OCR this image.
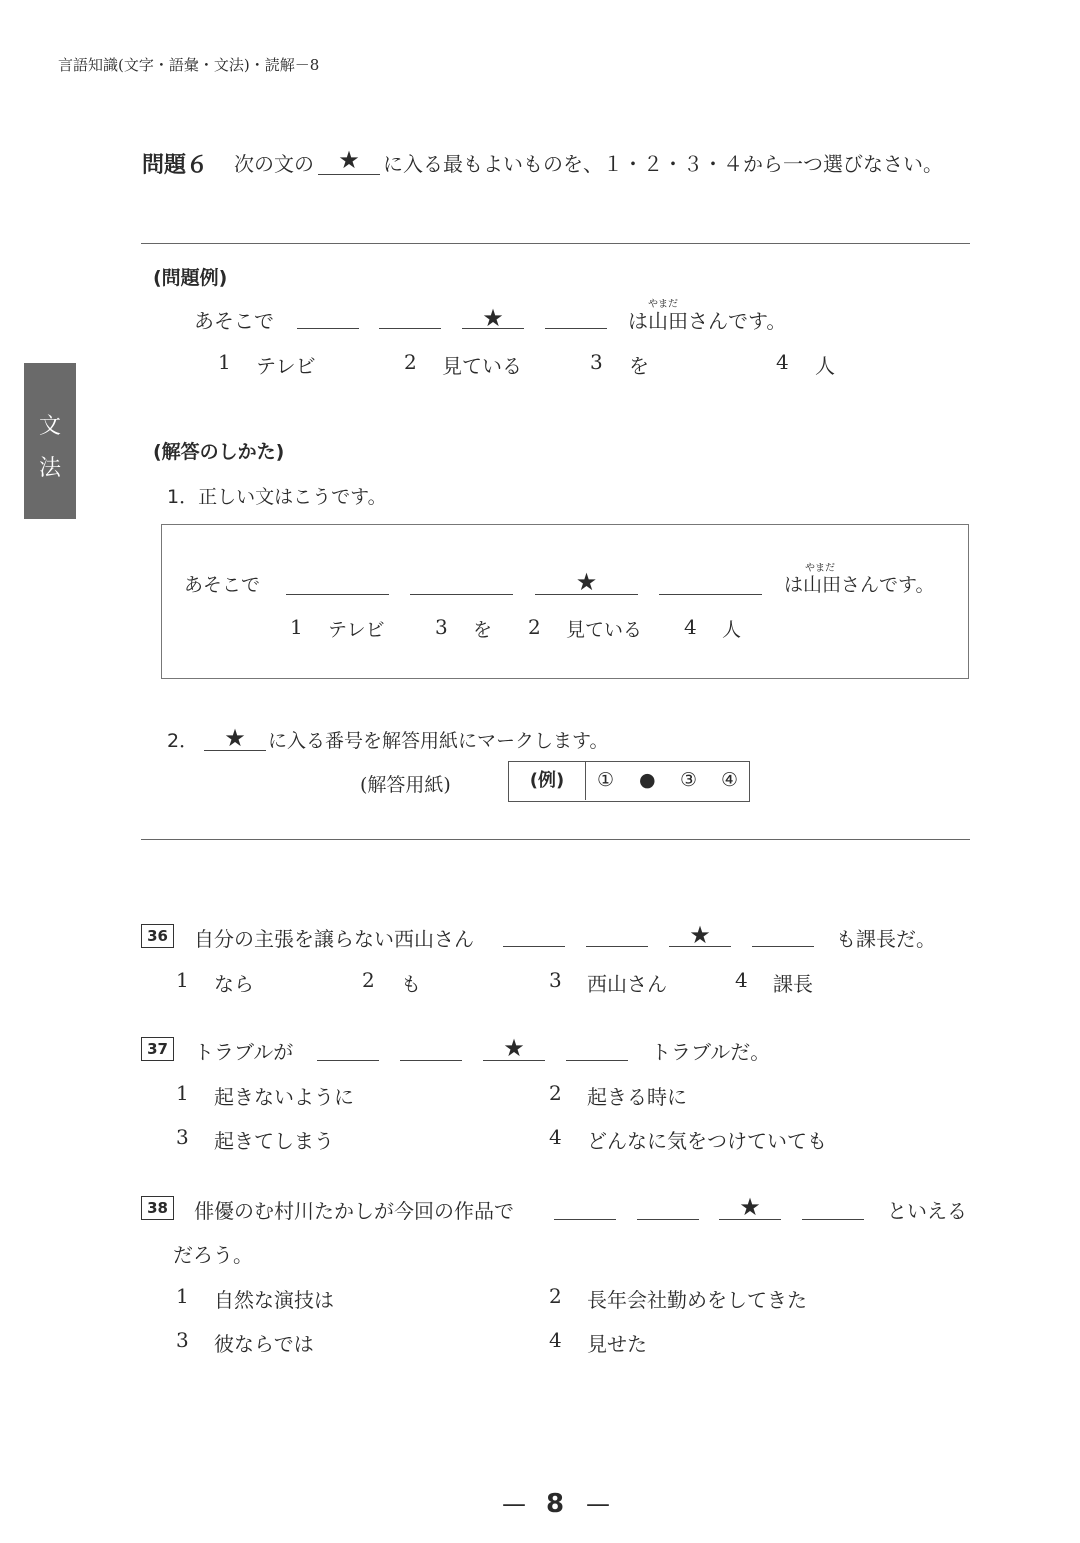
言語知識(文字・語彙・文法)・読解－8
文
法
問題６ 次の文の	★	に入る最もよいものを、１・２・３・４から一つ選びなさい。
(問題例)
あそこで	★	やまだ
は山田さんです。
1 テレビ	2 見ている	3 を	4 人
(解答のしかた)
1．正しい文はこうです。
あそこで	★	やまだ
は山田さんです。
1 テレビ	3 を 2 見ている 4 人
2．	★	に入る番号を解答用紙にマークします。
(解答用紙)	(例)	① ● ③ ④
36	自分の主張を譲らない西山さん	★	も課長だ。
1 なら	2 も	3 西山さん	4 課長
37	トラブルが	★	トラブルだ。
1 起きないように	2 起きる時に
3 起きてしまう	4 どんなに気をつけていても
38	俳優のむ村川たかしが今回の作品で	★	といえる
だろう。
1 自然な演技は	2 長年会社勤めをしてきた
3 彼ならでは	4 見せた
— 8 —
